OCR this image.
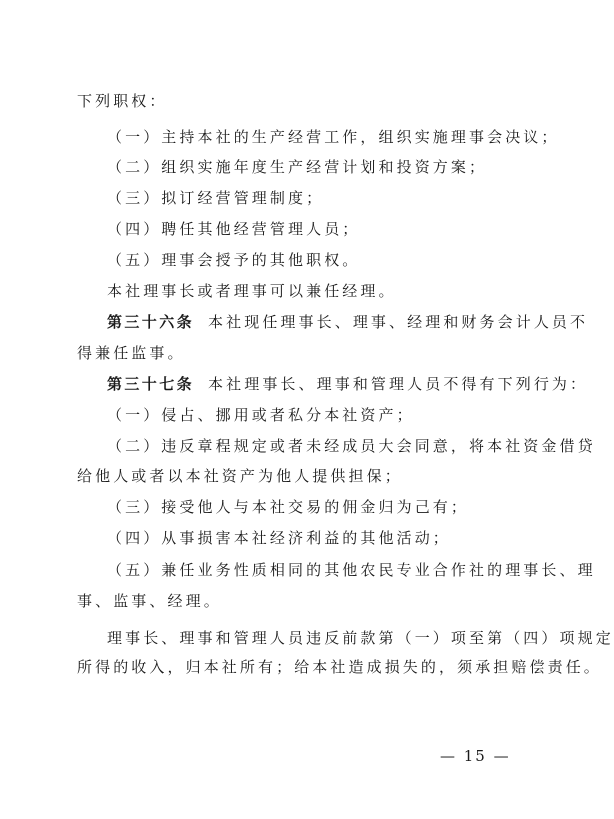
下列职权：
（一）主持本社的生产经营工作，组织实施理事会决议；
（二）组织实施年度生产经营计划和投资方案；
（三）拟订经营管理制度；
（四）聘任其他经营管理人员；
（五）理事会授予的其他职权。
本社理事长或者理事可以兼任经理。
第三十六条 本社现任理事长、理事、经理和财务会计人员不
得兼任监事。
第三十七条 本社理事长、理事和管理人员不得有下列行为：
（一）侵占、挪用或者私分本社资产；
（二）违反章程规定或者未经成员大会同意，将本社资金借贷
给他人或者以本社资产为他人提供担保；
（三）接受他人与本社交易的佣金归为己有；
（四）从事损害本社经济利益的其他活动；
（五）兼任业务性质相同的其他农民专业合作社的理事长、理
事、监事、经理。
理事长、理事和管理人员违反前款第（一）项至第（四）项规定
所得的收入，归本社所有；给本社造成损失的，须承担赔偿责任。
— 15 —
